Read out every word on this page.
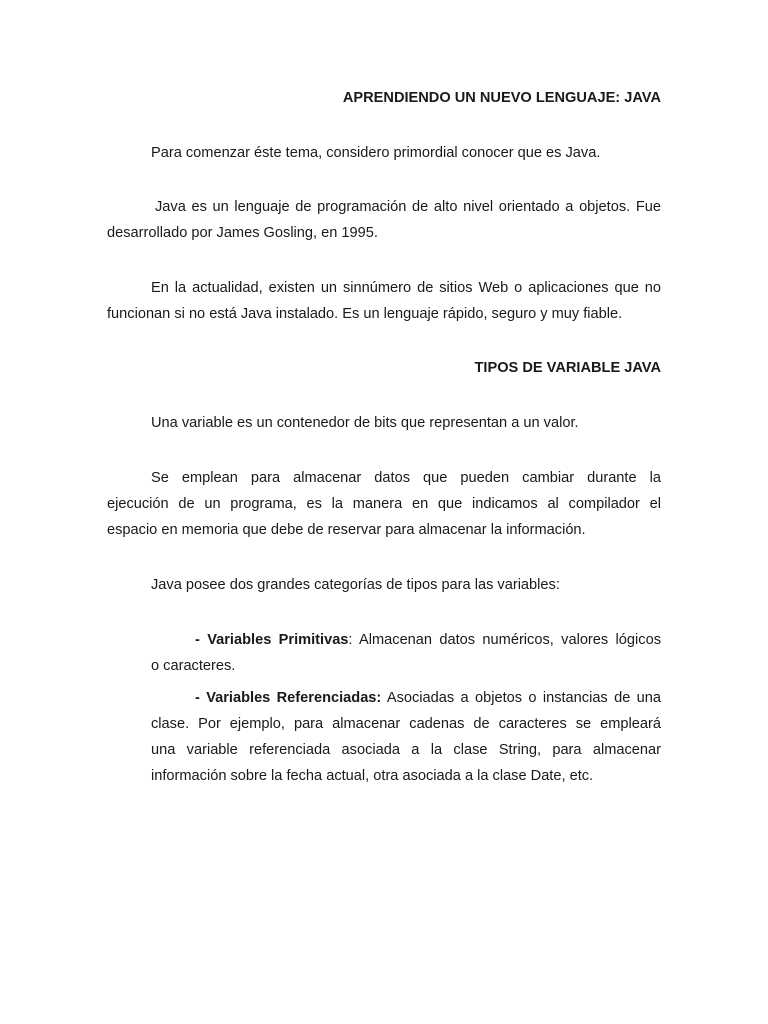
APRENDIENDO UN NUEVO LENGUAJE: JAVA
Para comenzar éste tema, considero primordial conocer que es Java.
Java es un lenguaje de programación de alto nivel orientado a objetos. Fue
desarrollado por James Gosling, en 1995.
En la actualidad, existen un sinnúmero de sitios Web o aplicaciones que no
funcionan si no está Java instalado. Es un lenguaje rápido, seguro y muy fiable.
TIPOS DE VARIABLE JAVA
Una variable es un contenedor de bits que representan a un valor.
Se emplean para almacenar datos que pueden cambiar durante la
ejecución de un programa, es la manera en que indicamos al compilador el
espacio en memoria que debe de reservar para almacenar la información.
Java posee dos grandes categorías de tipos para las variables:
- Variables Primitivas: Almacenan datos numéricos, valores lógicos
o caracteres.
- Variables Referenciadas: Asociadas a objetos o instancias de una
clase. Por ejemplo, para almacenar cadenas de caracteres se empleará
una variable referenciada asociada a la clase String, para almacenar
información sobre la fecha actual, otra asociada a la clase Date, etc.
